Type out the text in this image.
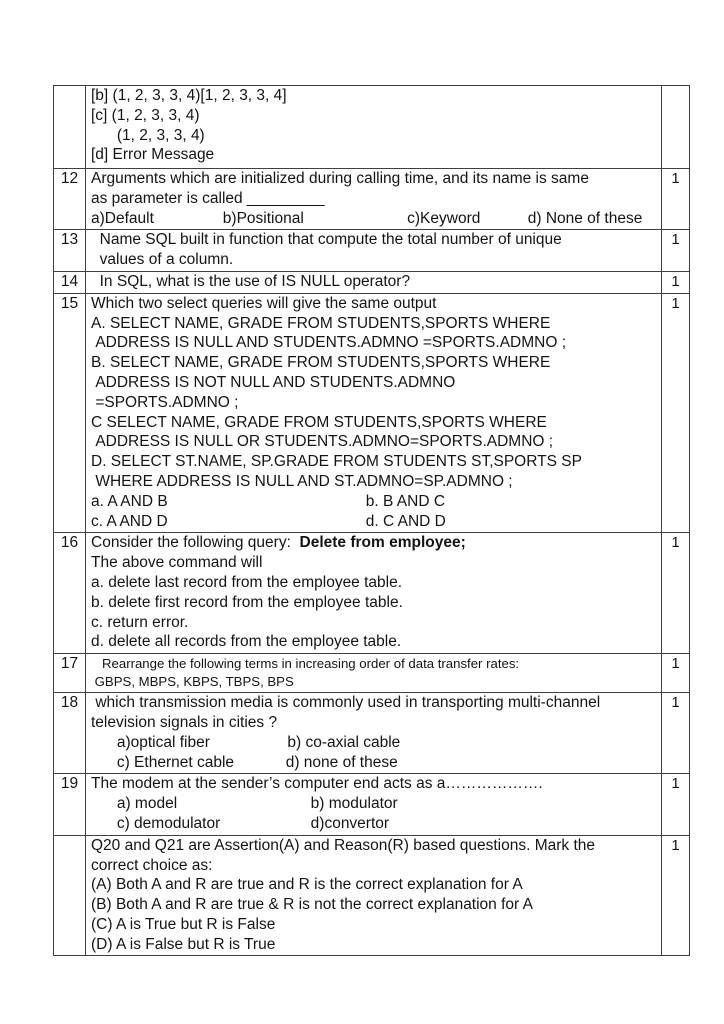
	[b] (1, 2, 3, 3, 4)[1, 2, 3, 3, 4]
[c] (1, 2, 3, 3, 4)
(1, 2, 3, 3, 4)
[d] Error Message	

12	Arguments which are initialized during calling time, and its name is same
as parameter is called _________
a)Default                b)Positional                        c)Keyword           d) None of these	1
13	Name SQL built in function that compute the total number of unique
values of a column.	1
14	In SQL, what is the use of IS NULL operator?	1
15	Which two select queries will give the same output
A. SELECT NAME, GRADE FROM STUDENTS,SPORTS WHERE
ADDRESS IS NULL AND STUDENTS.ADMNO =SPORTS.ADMNO ;
B. SELECT NAME, GRADE FROM STUDENTS,SPORTS WHERE
ADDRESS IS NOT NULL AND STUDENTS.ADMNO
=SPORTS.ADMNO ;
C SELECT NAME, GRADE FROM STUDENTS,SPORTS WHERE
ADDRESS IS NULL OR STUDENTS.ADMNO=SPORTS.ADMNO ;
D. SELECT ST.NAME, SP.GRADE FROM STUDENTS ST,SPORTS SP
WHERE ADDRESS IS NULL AND ST.ADMNO=SP.ADMNO ;
a. A AND B                                              b. B AND C
c. A AND D                                              d. C AND D
	1
16	Consider the following query:  Delete from employee;
The above command will
a. delete last record from the employee table.
b. delete first record from the employee table.
c. return error.
d. delete all records from the employee table.
	1
17	Rearrange the following terms in increasing order of data transfer rates:
GBPS, MBPS, KBPS, TBPS, BPS	1
18	which transmission media is commonly used in transporting multi-channel
television signals in cities ?
a)optical fiber                  b) co-axial cable
c) Ethernet cable            d) none of these	1
19	The modem at the sender’s computer end acts as a……………….
a) model                               b) modulator
c) demodulator                     d)convertor	1

Q20 and Q21 are Assertion(A) and Reason(R) based questions. Mark the
correct choice as:
(A) Both A and R are true and R is the correct explanation for A
(B) Both A and R are true & R is not the correct explanation for A
(C) A is True but R is False
(D) A is False but R is True
	1
